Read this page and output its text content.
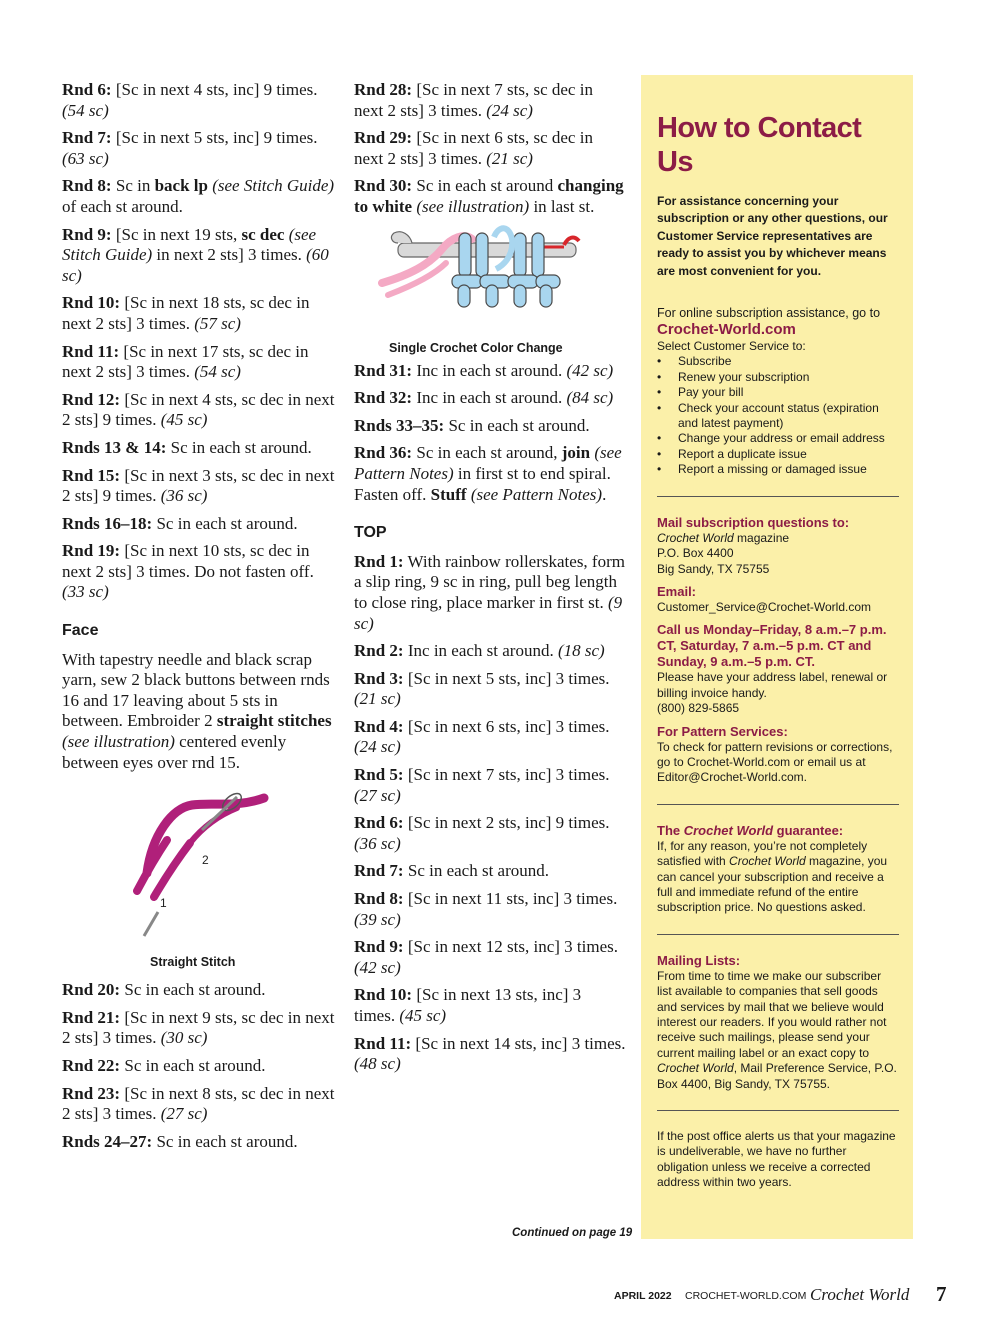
Rnd 6: [Sc in next 4 sts, inc] 9 times. (54 sc)

Rnd 7: [Sc in next 5 sts, inc] 9 times. (63 sc)

Rnd 8: Sc in back lp (see Stitch Guide) of each st around.

Rnd 9: [Sc in next 19 sts, sc dec (see Stitch Guide) in next 2 sts] 3 times. (60 sc)

Rnd 10: [Sc in next 18 sts, sc dec in next 2 sts] 3 times. (57 sc)

Rnd 11: [Sc in next 17 sts, sc dec in next 2 sts] 3 times. (54 sc)

Rnd 12: [Sc in next 4 sts, sc dec in next 2 sts] 9 times. (45 sc)

Rnds 13 & 14: Sc in each st around.

Rnd 15: [Sc in next 3 sts, sc dec in next 2 sts] 9 times. (36 sc)

Rnds 16–18: Sc in each st around.

Rnd 19: [Sc in next 10 sts, sc dec in next 2 sts] 3 times. Do not fasten off. (33 sc)

Face

With tapestry needle and black scrap yarn, sew 2 black buttons between rnds 16 and 17 leaving about 5 sts in between. Embroider 2 straight stitches (see illustration) centered evenly between eyes over rnd 15.

1
2
Straight Stitch

Rnd 20: Sc in each st around.

Rnd 21: [Sc in next 9 sts, sc dec in next 2 sts] 3 times. (30 sc)

Rnd 22: Sc in each st around.

Rnd 23: [Sc in next 8 sts, sc dec in next 2 sts] 3 times. (27 sc)

Rnds 24–27: Sc in each st around.

Rnd 28: [Sc in next 7 sts, sc dec in next 2 sts] 3 times. (24 sc)

Rnd 29: [Sc in next 6 sts, sc dec in next 2 sts] 3 times. (21 sc)

Rnd 30: Sc in each st around changing to white (see illustration) in last st.

Single Crochet Color Change

Rnd 31: Inc in each st around. (42 sc)

Rnd 32: Inc in each st around. (84 sc)

Rnds 33–35: Sc in each st around.

Rnd 36: Sc in each st around, join (see Pattern Notes) in first st to end spiral. Fasten off. Stuff (see Pattern Notes).

TOP

Rnd 1: With rainbow rollerskates, form a slip ring, 9 sc in ring, pull beg length to close ring, place marker in first st. (9 sc)

Rnd 2: Inc in each st around. (18 sc)

Rnd 3: [Sc in next 5 sts, inc] 3 times. (21 sc)

Rnd 4: [Sc in next 6 sts, inc] 3 times. (24 sc)

Rnd 5: [Sc in next 7 sts, inc] 3 times. (27 sc)

Rnd 6: [Sc in next 2 sts, inc] 9 times. (36 sc)

Rnd 7: Sc in each st around.

Rnd 8: [Sc in next 11 sts, inc] 3 times. (39 sc)

Rnd 9: [Sc in next 12 sts, inc] 3 times. (42 sc)

Rnd 10: [Sc in next 13 sts, inc] 3 times. (45 sc)

Rnd 11: [Sc in next 14 sts, inc] 3 times. (48 sc)

Continued on page 19
How to Contact Us
For assistance concerning your subscription or any other questions, our Customer Service representatives are ready to assist you by whichever means are most convenient for you.
For online subscription assistance, go to
Crochet-World.com
Select Customer Service to:
• Subscribe
• Renew your subscription
• Pay your bill
• Check your account status (expiration and latest payment)
• Change your address or email address
• Report a duplicate issue
• Report a missing or damaged issue
Mail subscription questions to:
Crochet World magazine
P.O. Box 4400
Big Sandy, TX 75755
Email:
Customer_Service@Crochet-World.com
Call us Monday–Friday, 8 a.m.–7 p.m. CT, Saturday, 7 a.m.–5 p.m. CT and Sunday, 9 a.m.–5 p.m. CT.
Please have your address label, renewal or billing invoice handy.
(800) 829-5865
For Pattern Services:
To check for pattern revisions or corrections, go to Crochet-World.com or email us at Editor@Crochet-World.com.
The Crochet World guarantee:
If, for any reason, you’re not completely satisfied with Crochet World magazine, you can cancel your subscription and receive a full and immediate refund of the entire subscription price. No questions asked.
Mailing Lists:
From time to time we make our subscriber list available to companies that sell goods and services by mail that we believe would interest our readers. If you would rather not receive such mailings, please send your current mailing label or an exact copy to Crochet World, Mail Preference Service, P.O. Box 4400, Big Sandy, TX 75755.
If the post office alerts us that your magazine is undeliverable, we have no further obligation unless we receive a corrected address within two years.
APRIL 2022 CROCHET-WORLD.COM Crochet World 7
